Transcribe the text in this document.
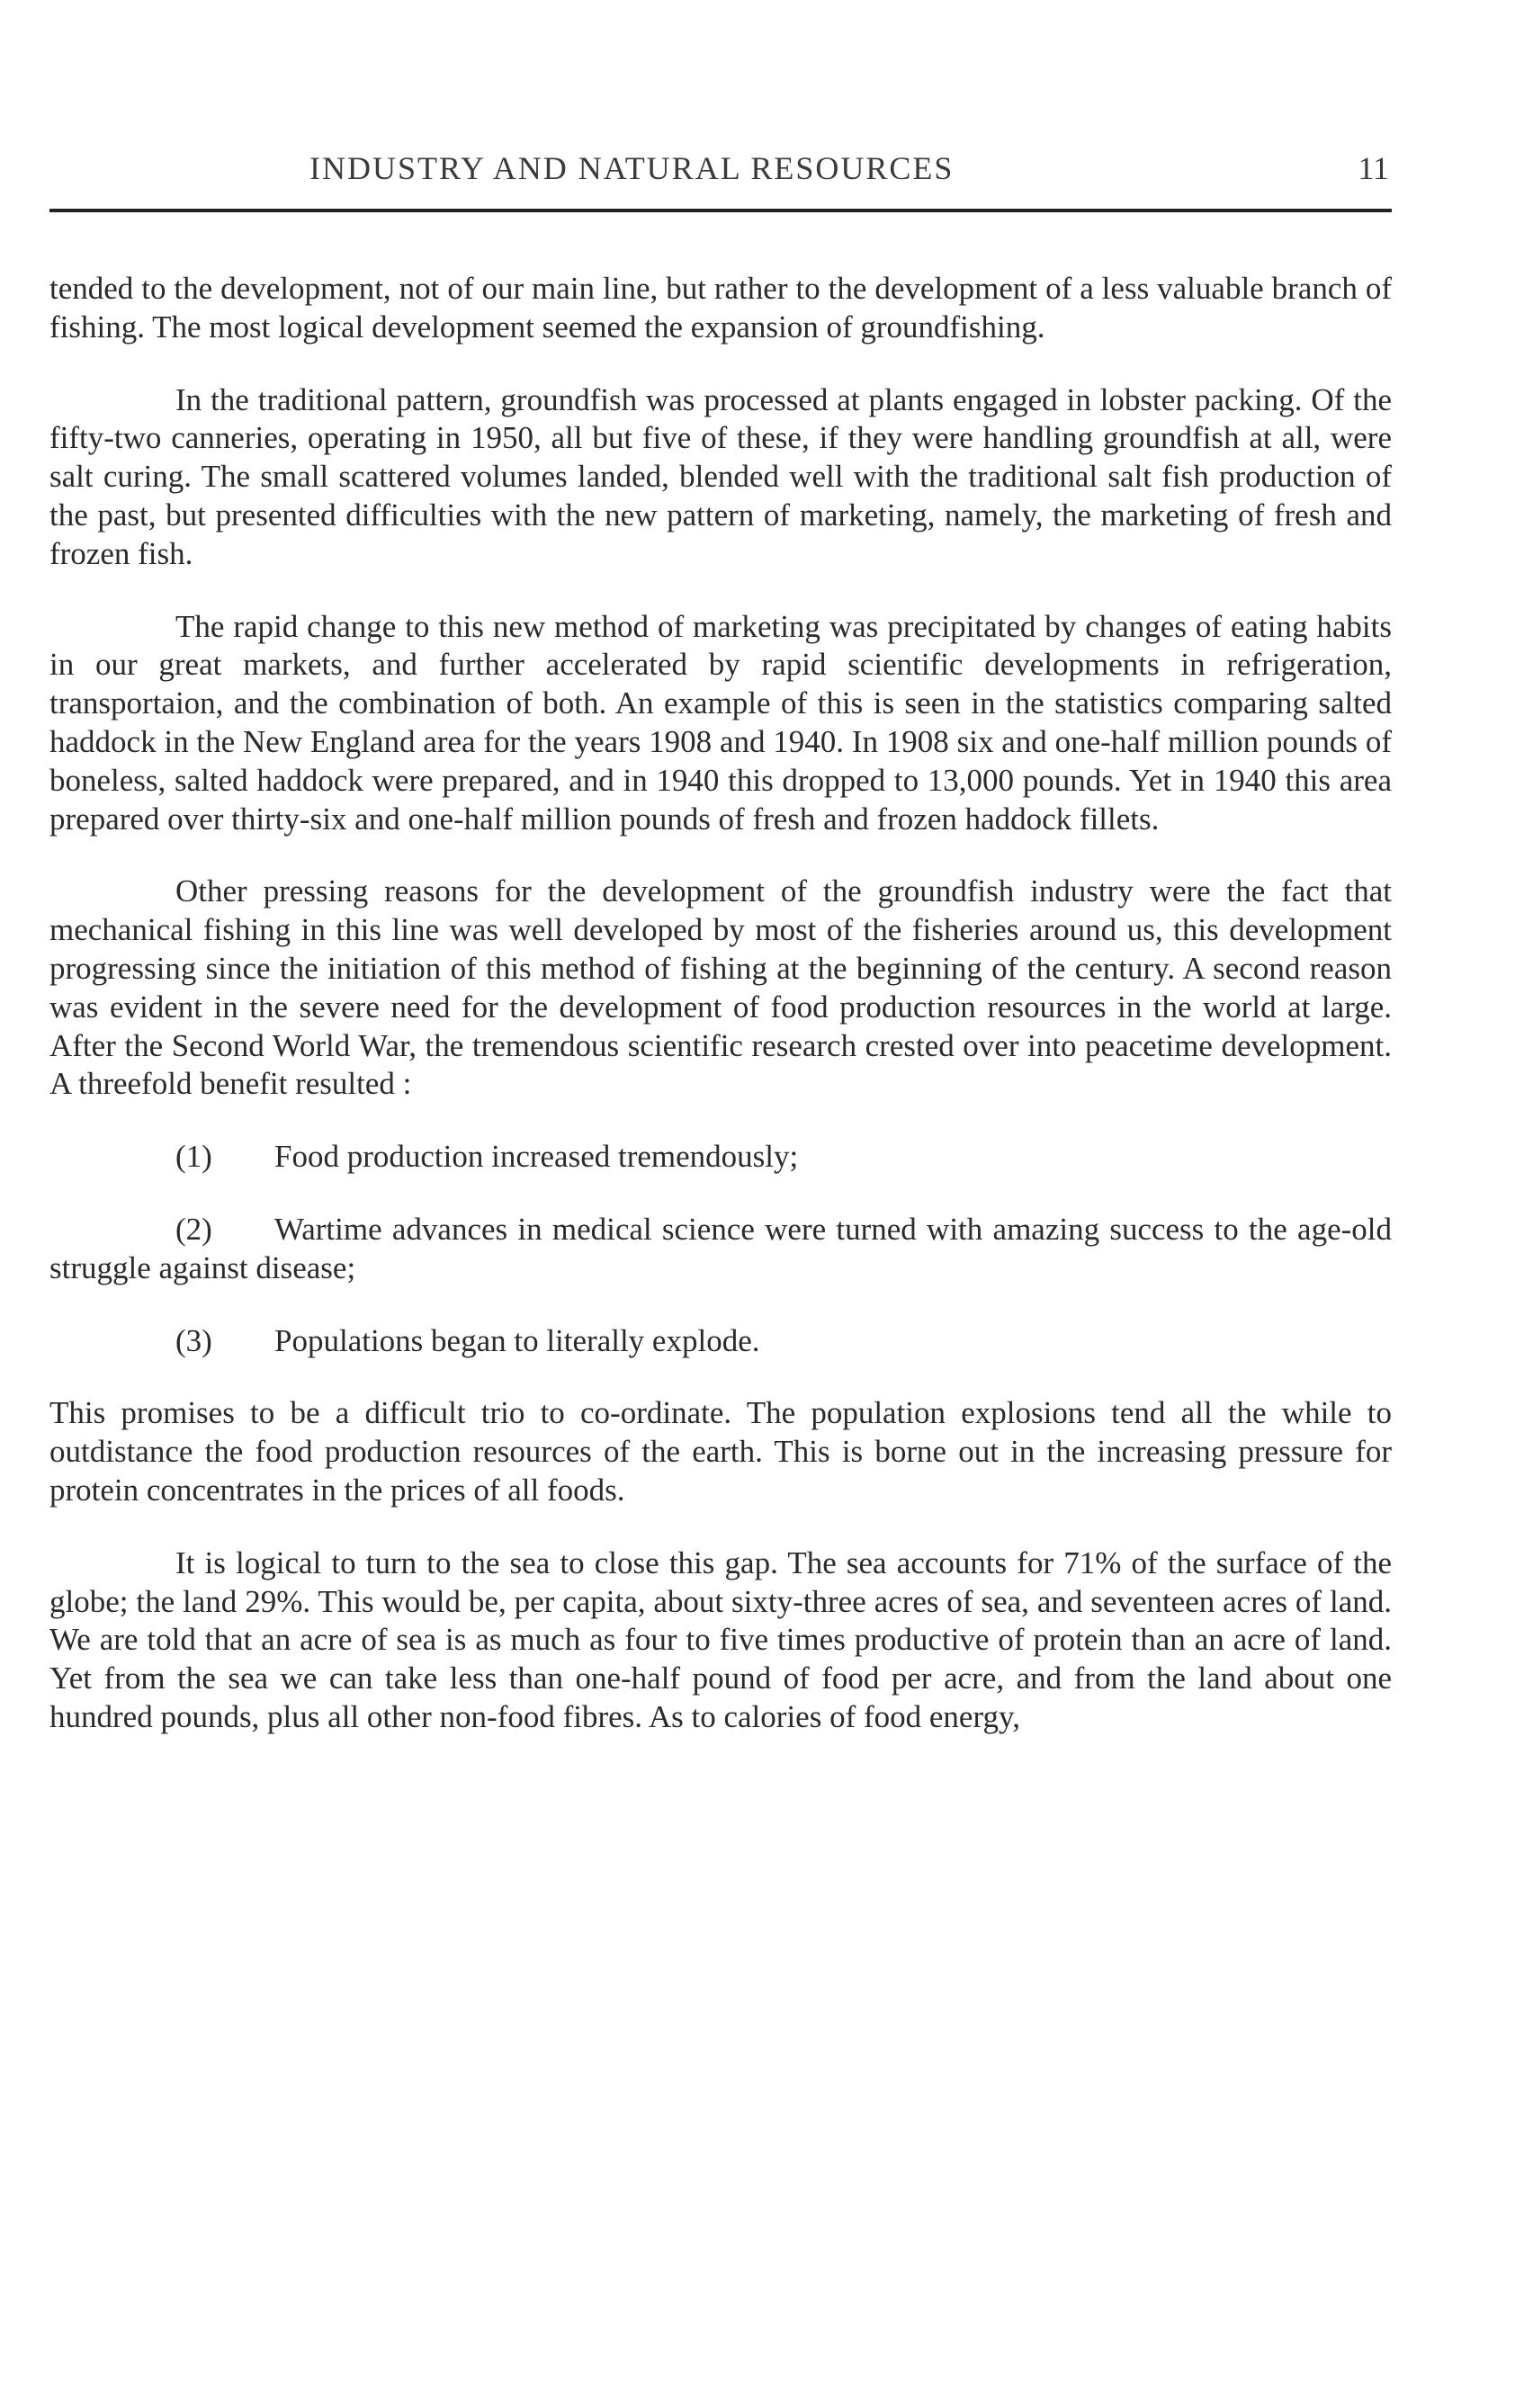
INDUSTRY AND NATURAL RESOURCES	11

tended to the development, not of our main line, but rather to the development of a less valuable branch of fishing. The most logical development seemed the expansion of groundfishing.

In the traditional pattern, groundfish was processed at plants engaged in lobster packing. Of the fifty-two canneries, operating in 1950, all but five of these, if they were handling groundfish at all, were salt curing. The small scattered volumes landed, blended well with the traditional salt fish production of the past, but presented difficulties with the new pattern of marketing, namely, the marketing of fresh and frozen fish.

The rapid change to this new method of marketing was precipitated by changes of eating habits in our great markets, and further accelerated by rapid scientific developments in refrigeration, transportaion, and the combination of both. An example of this is seen in the statistics comparing salted haddock in the New England area for the years 1908 and 1940. In 1908 six and one-half million pounds of boneless, salted haddock were prepared, and in 1940 this dropped to 13,000 pounds. Yet in 1940 this area prepared over thirty-six and one-half million pounds of fresh and frozen haddock fillets.

Other pressing reasons for the development of the groundfish industry were the fact that mechanical fishing in this line was well developed by most of the fisheries around us, this development progressing since the initiation of this method of fishing at the beginning of the century. A second reason was evident in the severe need for the development of food production resources in the world at large. After the Second World War, the tremendous scientific research crested over into peacetime development. A threefold benefit resulted :

(1) Food production increased tremendously;

(2) Wartime advances in medical science were turned with amazing success to the age-old struggle against disease;

(3) Populations began to literally explode.

This promises to be a difficult trio to co-ordinate. The population explosions tend all the while to outdistance the food production resources of the earth. This is borne out in the increasing pressure for protein concentrates in the prices of all foods.

It is logical to turn to the sea to close this gap. The sea accounts for 71% of the surface of the globe; the land 29%. This would be, per capita, about sixty-three acres of sea, and seventeen acres of land. We are told that an acre of sea is as much as four to five times productive of protein than an acre of land. Yet from the sea we can take less than one-half pound of food per acre, and from the land about one hundred pounds, plus all other non-food fibres. As to calories of food energy,
